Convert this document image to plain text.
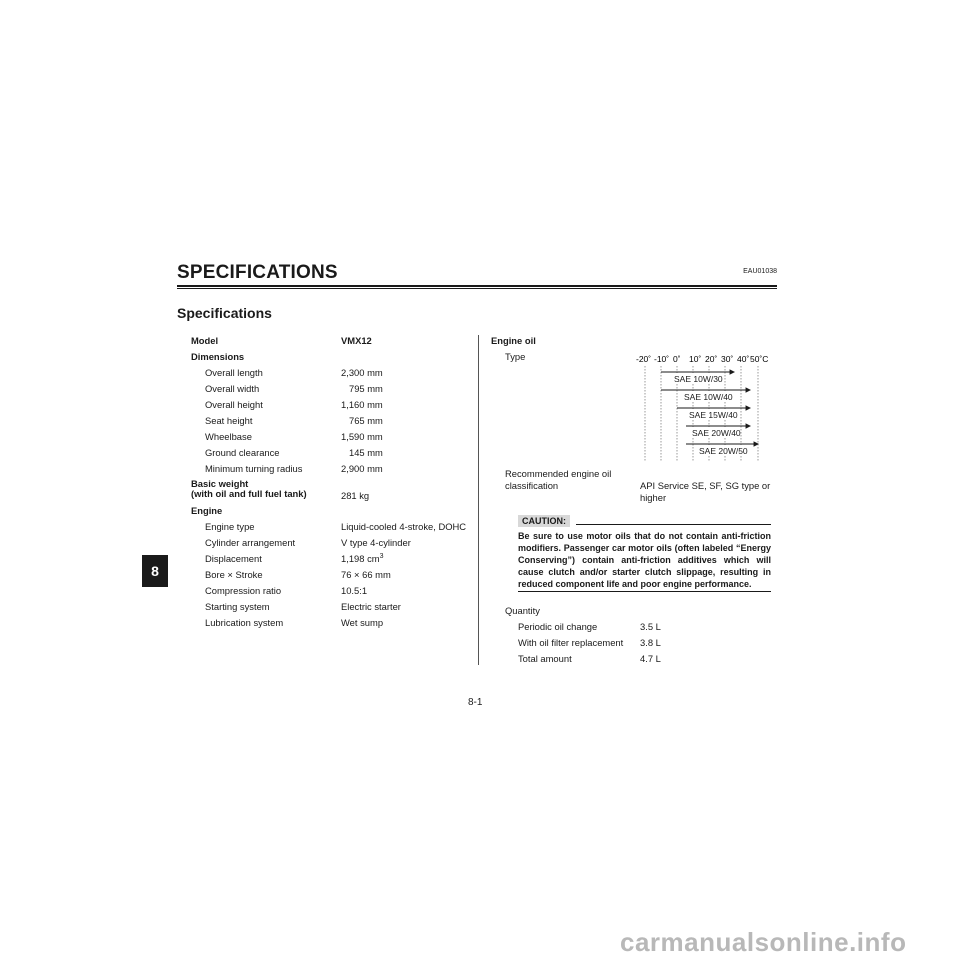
SPECIFICATIONS	EAU01038
Specifications
8
Model	VMX12
Dimensions
Overall length	2,300 mm
Overall width	795 mm
Overall height	1,160 mm
Seat height	765 mm
Wheelbase	1,590 mm
Ground clearance	145 mm
Minimum turning radius	2,900 mm
Basic weight
(with oil and full fuel tank)	281 kg
Engine
Engine type	Liquid-cooled 4-stroke, DOHC
Cylinder arrangement	V type 4-cylinder
Displacement	1,198 $cm^3$
Bore × Stroke	76 × 66 mm
Compression ratio	10.5:1
Starting system	Electric starter
Lubrication system	Wet sump
Engine oil
Type	-20˚ -10˚ 0˚ 10˚ 20˚ 30˚ 40˚ 50˚C
SAE 10W/30
SAE 10W/40
SAE 15W/40
SAE 20W/40
SAE 20W/50
Recommended engine oil
classification	API Service SE, SF, SG type or
higher
CAUTION:
Be sure to use motor oils that do not contain anti-friction modifiers. Passenger car motor oils (often labeled “Energy Conserving”) contain anti-friction additives which will cause clutch and/or starter clutch slippage, resulting in reduced component life and poor engine performance.
Quantity
Periodic oil change	3.5 L
With oil filter replacement 3.8 L
Total amount	4.7 L
8-1
carmanualsonline.info
